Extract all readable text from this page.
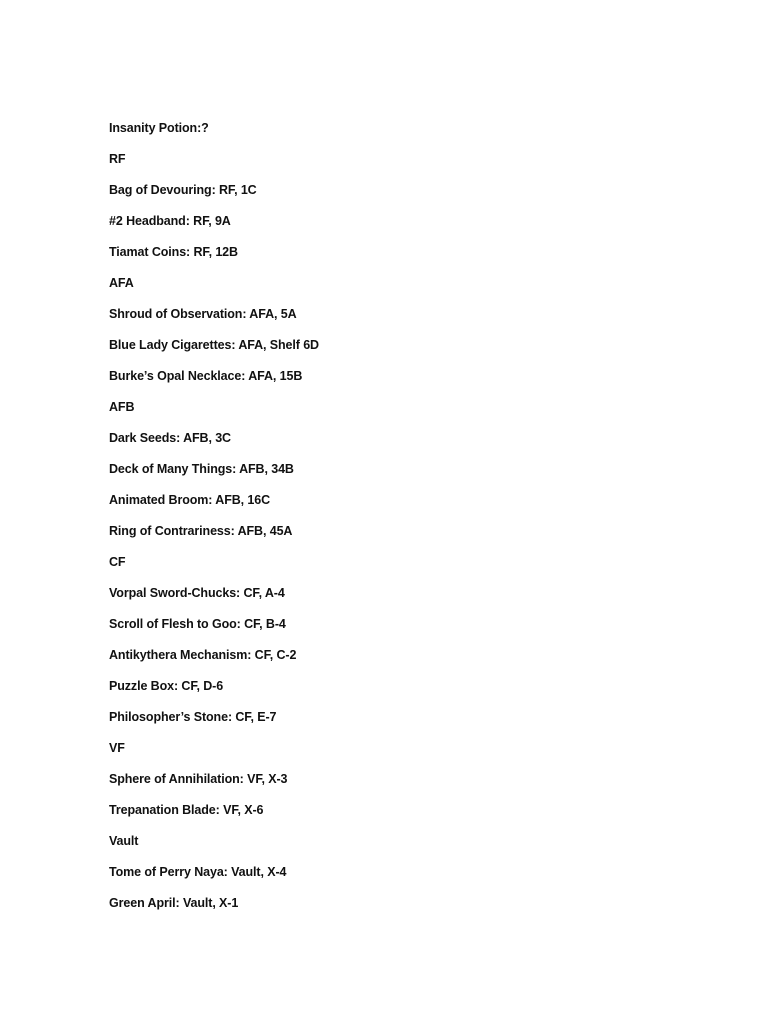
Insanity Potion:?
RF
Bag of Devouring: RF, 1C
#2 Headband: RF, 9A
Tiamat Coins: RF, 12B
AFA
Shroud of Observation: AFA, 5A
Blue Lady Cigarettes: AFA, Shelf 6D
Burke’s Opal Necklace: AFA, 15B
AFB
Dark Seeds: AFB, 3C
Deck of Many Things: AFB, 34B
Animated Broom: AFB, 16C
Ring of Contrariness: AFB, 45A
CF
Vorpal Sword-Chucks: CF, A-4
Scroll of Flesh to Goo: CF, B-4
Antikythera Mechanism: CF, C-2
Puzzle Box: CF, D-6
Philosopher’s Stone: CF, E-7
VF
Sphere of Annihilation: VF, X-3
Trepanation Blade: VF, X-6
Vault
Tome of Perry Naya: Vault, X-4
Green April: Vault, X-1
